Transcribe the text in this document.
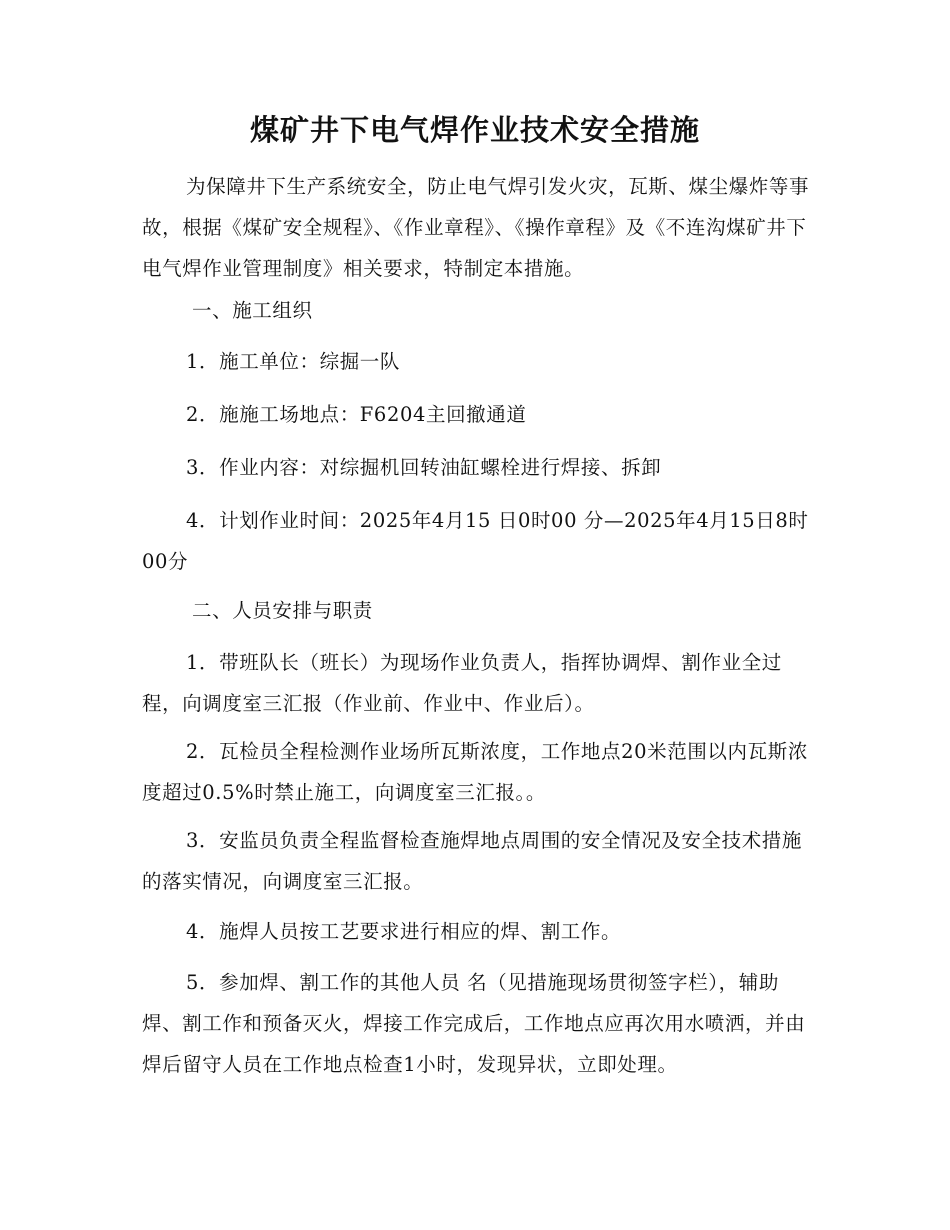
煤矿井下电气焊作业技术安全措施

为保障井下生产系统安全，防止电气焊引发火灾，瓦斯、煤尘爆炸等事故，根据《煤矿安全规程》、《作业章程》、《操作章程》及《不连沟煤矿井下电气焊作业管理制度》相关要求，特制定本措施。

一、施工组织

1．施工单位：综掘一队

2．施施工场地点：F6204主回撤通道

3．作业内容：对综掘机回转油缸螺栓进行焊接、拆卸

4．计划作业时间：2025年4月15 日0时00 分—2025年4月15日8时00分

二、人员安排与职责

1．带班队长（班长）为现场作业负责人，指挥协调焊、割作业全过程，向调度室三汇报（作业前、作业中、作业后）。

2．瓦检员全程检测作业场所瓦斯浓度，工作地点20米范围以内瓦斯浓度超过0.5%时禁止施工，向调度室三汇报。。

3．安监员负责全程监督检查施焊地点周围的安全情况及安全技术措施的落实情况，向调度室三汇报。

4．施焊人员按工艺要求进行相应的焊、割工作。

5．参加焊、割工作的其他人员 名（见措施现场贯彻签字栏），辅助焊、割工作和预备灭火，焊接工作完成后，工作地点应再次用水喷洒，并由焊后留守人员在工作地点检查1小时，发现异状，立即处理。
